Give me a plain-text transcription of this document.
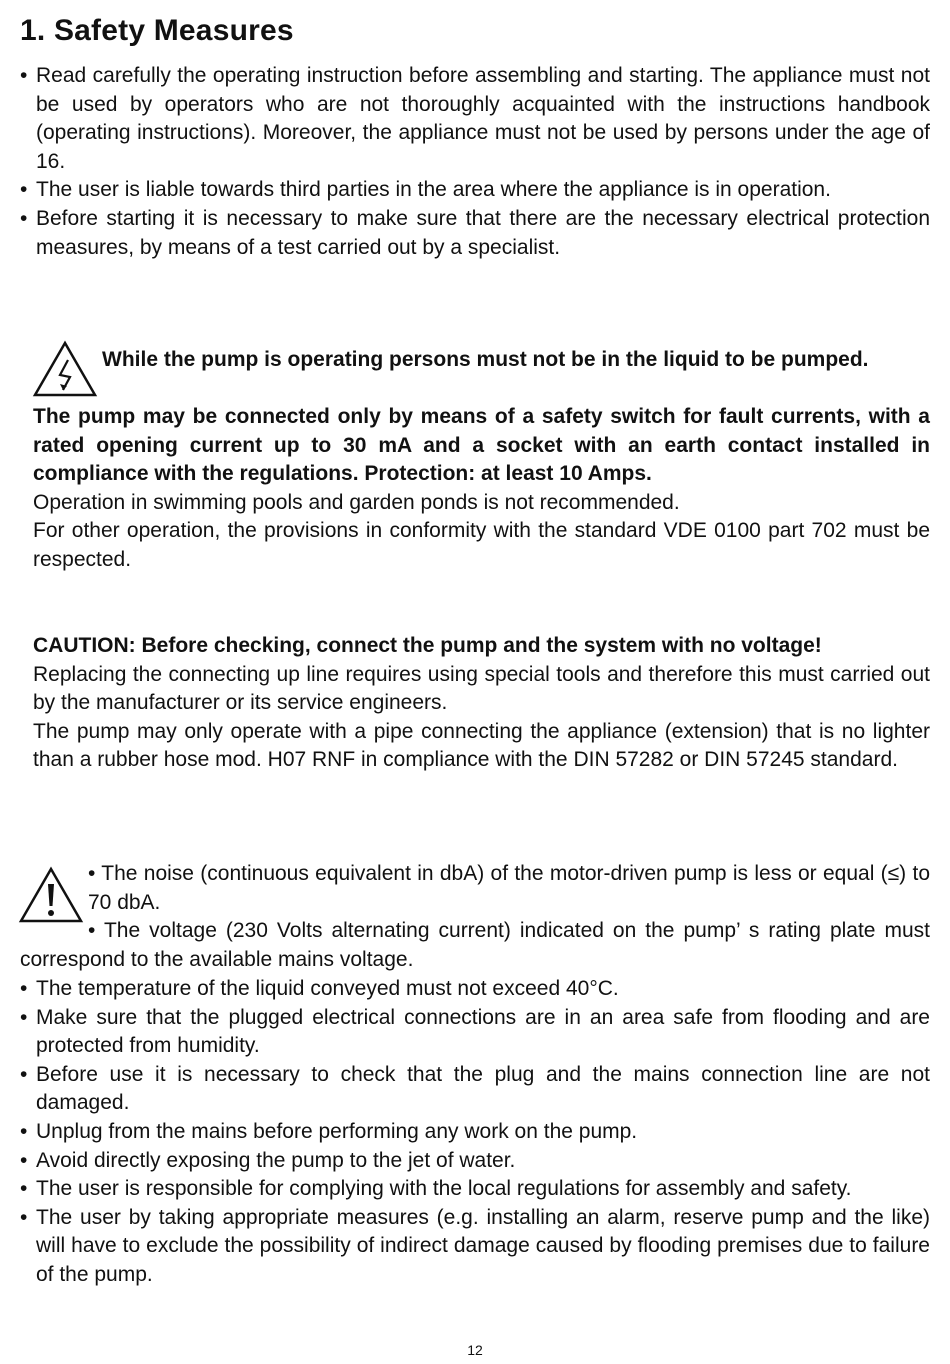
1. Safety Measures
• Read carefully the operating instruction before assembling and starting. The appliance must not be used by operators who are not thoroughly acquainted with the instructions handbook (operating instructions). Moreover, the appliance must not be used by persons under the age of 16.
• The user is liable towards third parties in the area where the appliance is in operation.
• Before starting it is necessary to make sure that there are the necessary electrical protection measures, by means of a test carried out by a specialist.
While the pump is operating persons must not be in the liquid to be pumped.
The pump may be connected only by means of a safety switch for fault currents, with a rated opening current up to 30 mA and a socket with an earth contact installed in compliance with the regulations. Protection: at least 10 Amps.
Operation in swimming pools and garden ponds is not recommended.
For other operation, the provisions in conformity with the standard VDE 0100 part 702 must be respected.
CAUTION: Before checking, connect the pump and the system with no voltage!
Replacing the connecting up line requires using special tools and therefore this must carried out by the manufacturer or its service engineers.
The pump may only operate with a pipe connecting the appliance (extension) that is no lighter than a rubber hose mod. H07 RNF in compliance with the DIN 57282 or DIN 57245 standard.
• The noise (continuous equivalent in dbA) of the motor-driven pump is less or equal (≤) to 70 dbA.
• The voltage (230 Volts alternating current) indicated on the pump’ s rating plate must correspond to the available mains voltage.
• The temperature of the liquid conveyed must not exceed 40°C.
• Make sure that the plugged electrical connections are in an area safe from flooding and are protected from humidity.
• Before use it is necessary to check that the plug and the mains connection line are not damaged.
• Unplug from the mains before performing any work on the pump.
• Avoid directly exposing the pump to the jet of water.
• The user is responsible for complying with the local regulations for assembly and safety.
• The user by taking appropriate measures (e.g. installing an alarm, reserve pump and the like) will have to exclude the possibility of indirect damage caused by flooding premises due to failure of the pump.
12
